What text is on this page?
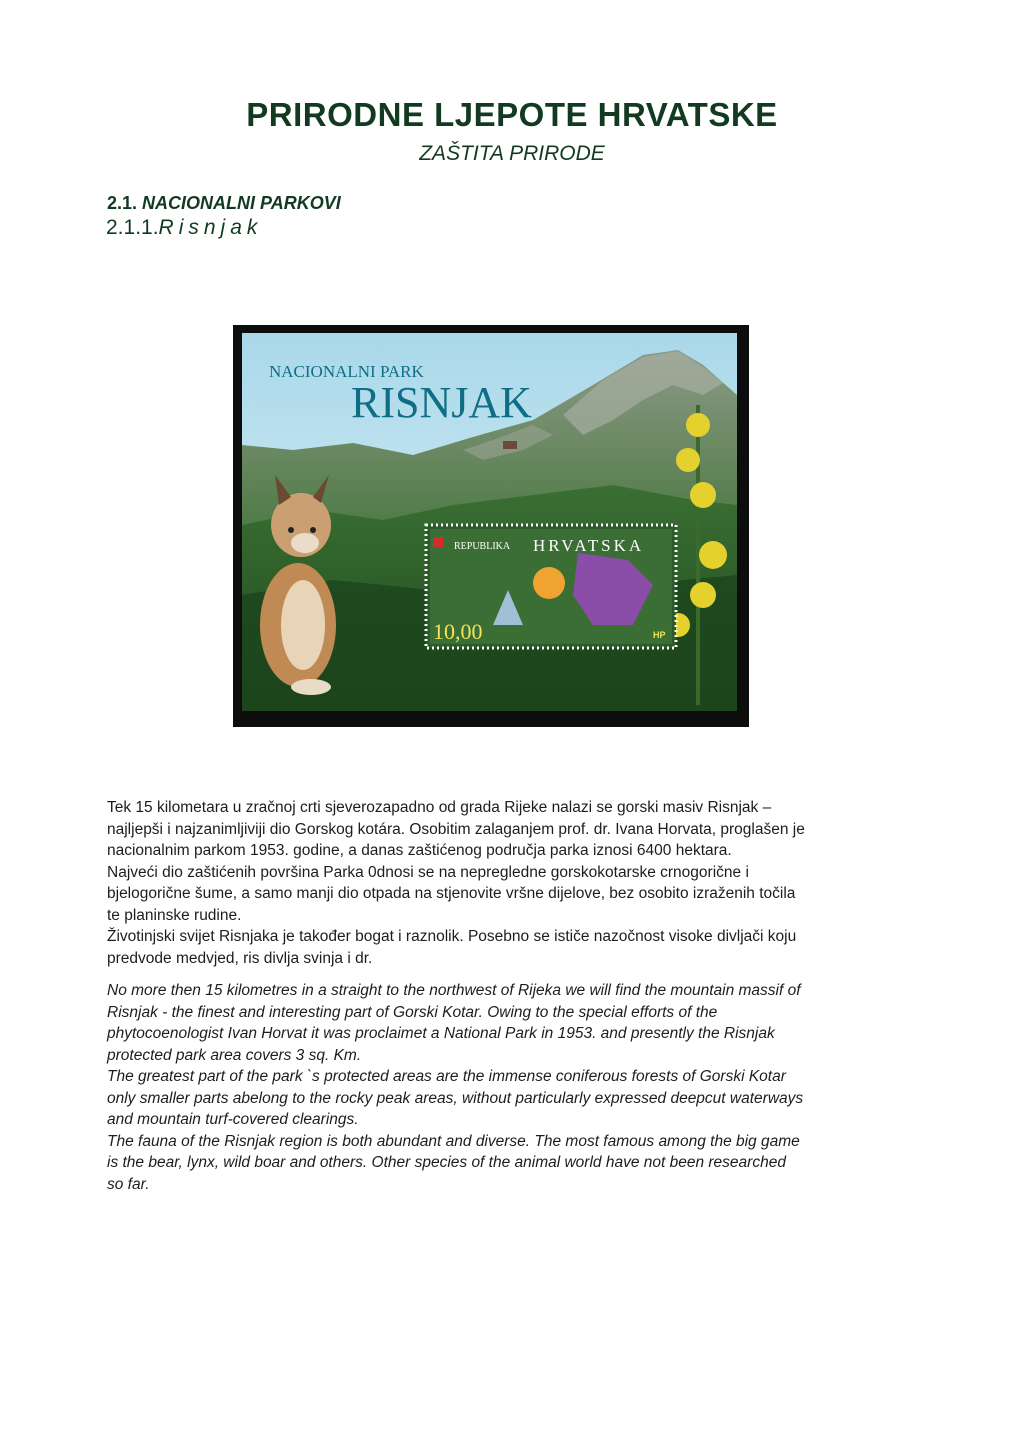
PRIRODNE LJEPOTE HRVATSKE
ZAŠTITA PRIRODE
2.1. NACIONALNI PARKOVI
2.1.1.Risnjak
NACIONALNI PARK
RISNJAK
REPUBLIKA HRVATSKA
10,00	HP

Tek 15 kilometara u zračnoj crti sjeverozapadno od grada Rijeke nalazi se gorski masiv Risnjak –

najljepši i najzanimljiviji dio Gorskog kotára. Osobitim zalaganjem prof. dr. Ivana Horvata, proglašen je

nacionalnim parkom 1953. godine, a danas zaštićenog područja parka iznosi 6400 hektara.

Najveći dio zaštićenih površina Parka 0dnosi se na nepregledne gorskokotarske crnogorične i

bjelogorične šume, a samo manji dio otpada na stjenovite vršne dijelove, bez osobito izraženih točila

te planinske rudine.

Životinjski svijet Risnjaka je također bogat i raznolik. Posebno se ističe nazočnost visoke divljači koju

predvode medvjed, ris divlja svinja i dr.

No more then 15 kilometres in a straight to the northwest of Rijeka we will find the mountain massif of

Risnjak - the finest and interesting part of Gorski Kotar. Owing to the special efforts of the

phytocoenologist Ivan Horvat it was proclaimet a National Park in 1953. and presently the Risnjak

protected park area covers 3 sq. Km.

The greatest part of the park `s protected areas are the immense coniferous forests of Gorski Kotar

only smaller parts abelong to the rocky peak areas, without particularly expressed deepcut waterways

and mountain turf-covered clearings.

The fauna of the Risnjak region is both abundant and diverse. The most famous among the big game

is the bear, lynx, wild boar and others. Other species of the animal world have not been researched

so far.
